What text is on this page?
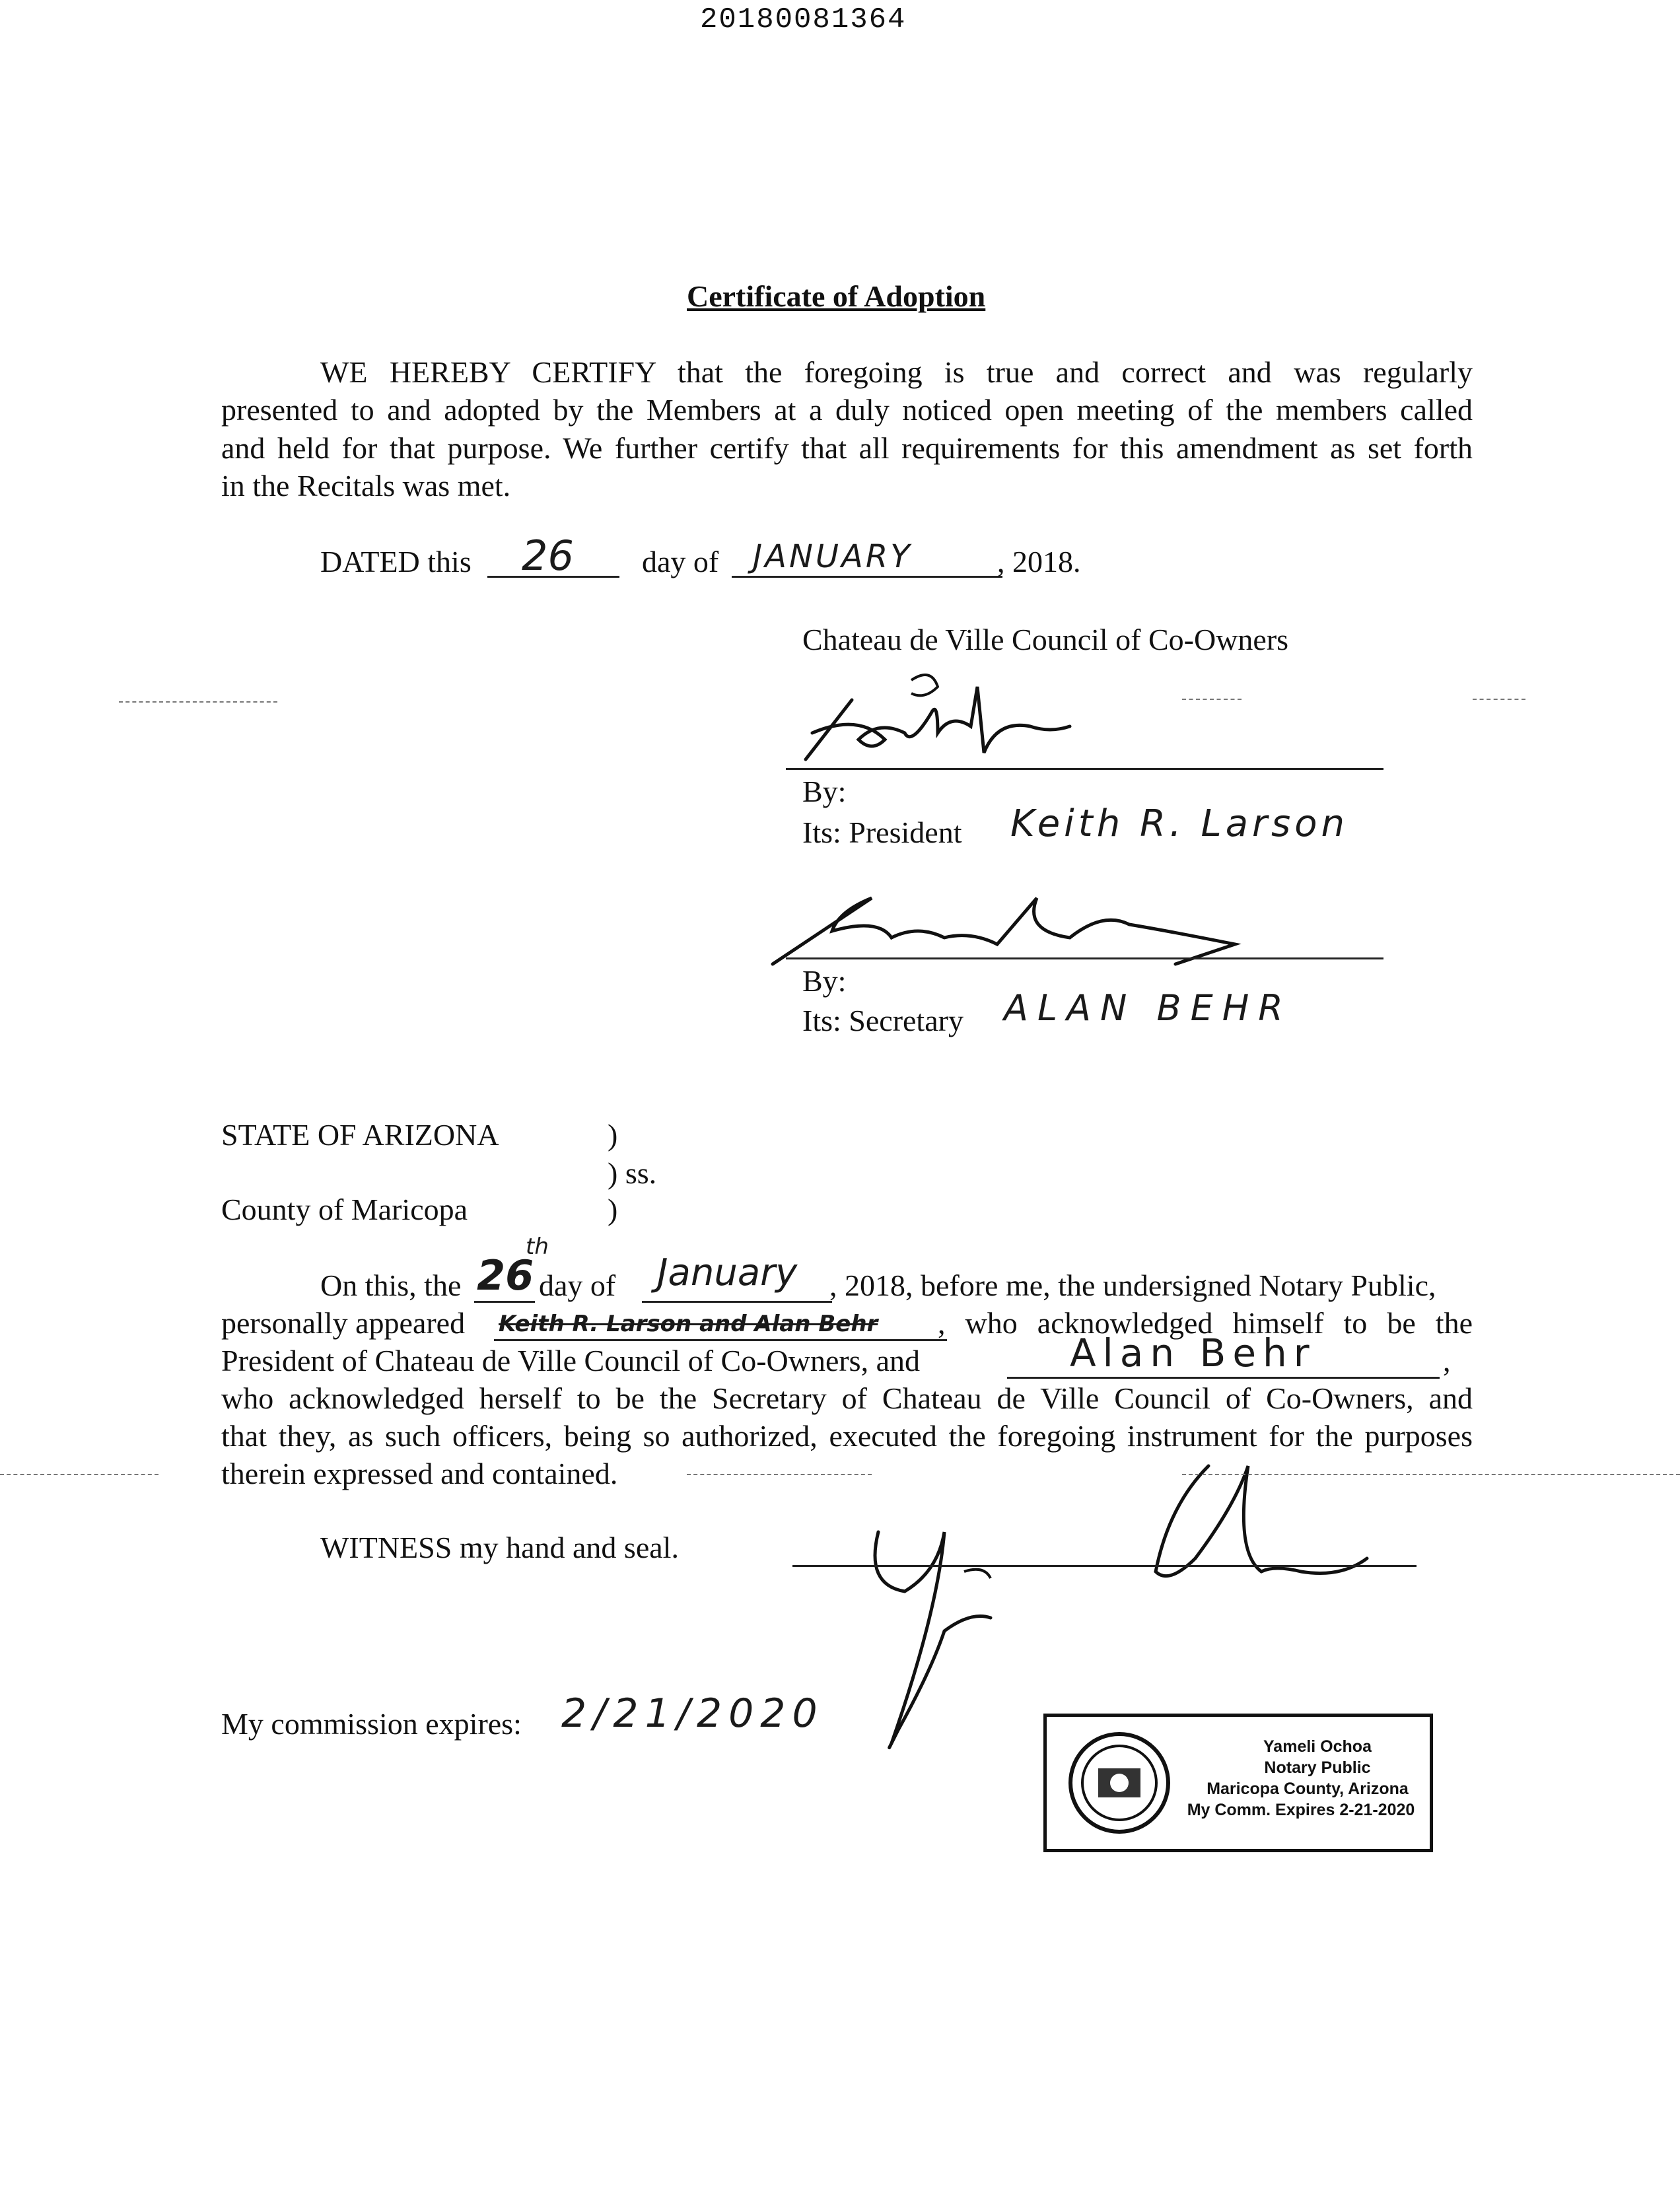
20180081364
Certificate of Adoption
WE HEREBY CERTIFY that the foregoing is true and correct and was regularly
presented to and adopted by the Members at a duly noticed open meeting of the members called
and held for that purpose. We further certify that all requirements for this amendment as set forth
in the Recitals was met.
DATED this 26 day of JANUARY	, 2018.
Chateau de Ville Council of Co-Owners
By:
Its: President Keith R. Larson
By:
Its: Secretary ALAN BEHR
STATE OF ARIZONA	)
) ss.
County of Maricopa	)
On this, the 26
th
day of January , 2018, before me, the undersigned Notary Public,
personally appeared Keith R. Larson and Alan Behr , who acknowledged himself to be the
President of Chateau de Ville Council of Co-Owners, and	Alan Behr	,
who acknowledged herself to be the Secretary of Chateau de Ville Council of Co-Owners, and
that they, as such officers, being so authorized, executed the foregoing instrument for the purposes
therein expressed and contained.
WITNESS my hand and seal.
My commission expires: 2/21/2020
Yameli Ochoa
Notary Public
Maricopa County, Arizona
My Comm. Expires 2-21-2020
